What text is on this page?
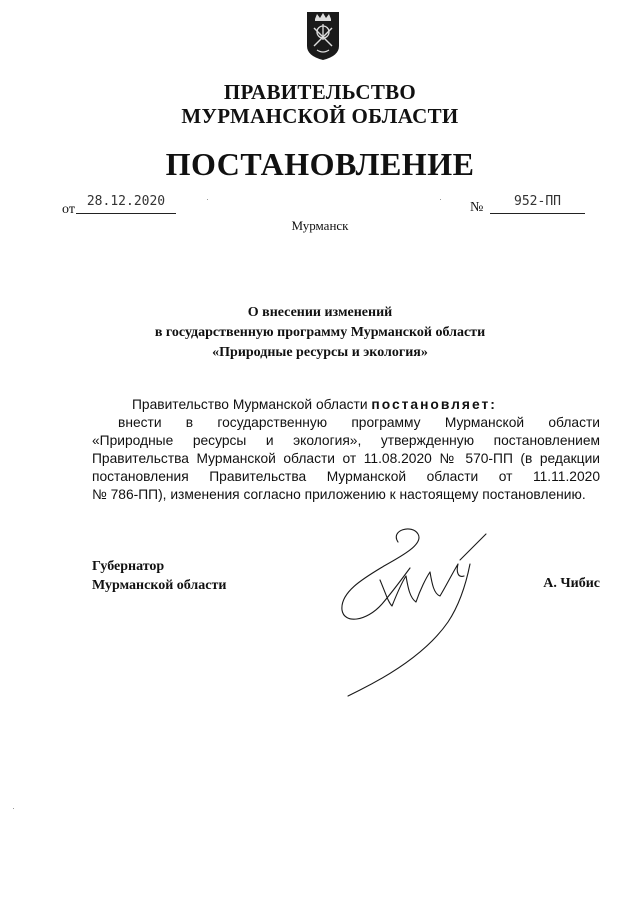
ПРАВИТЕЛЬСТВО
МУРМАНСКОЙ ОБЛАСТИ
ПОСТАНОВЛЕНИЕ
от
28.12.2020	№	952-ПП
Мурманск
О внесении изменений
в государственную программу Мурманской области
«Природные ресурсы и экология»
Правительство Мурманской области постановляет:
внести в государственную программу Мурманской области
«Природные ресурсы и экология», утвержденную постановлением
Правительства Мурманской области от 11.08.2020 № 570-ПП (в редакции
постановления Правительства Мурманской области от 11.11.2020
№ 786-ПП), изменения согласно приложению к настоящему постановлению.
Губернатор
Мурманской области	А. Чибис
